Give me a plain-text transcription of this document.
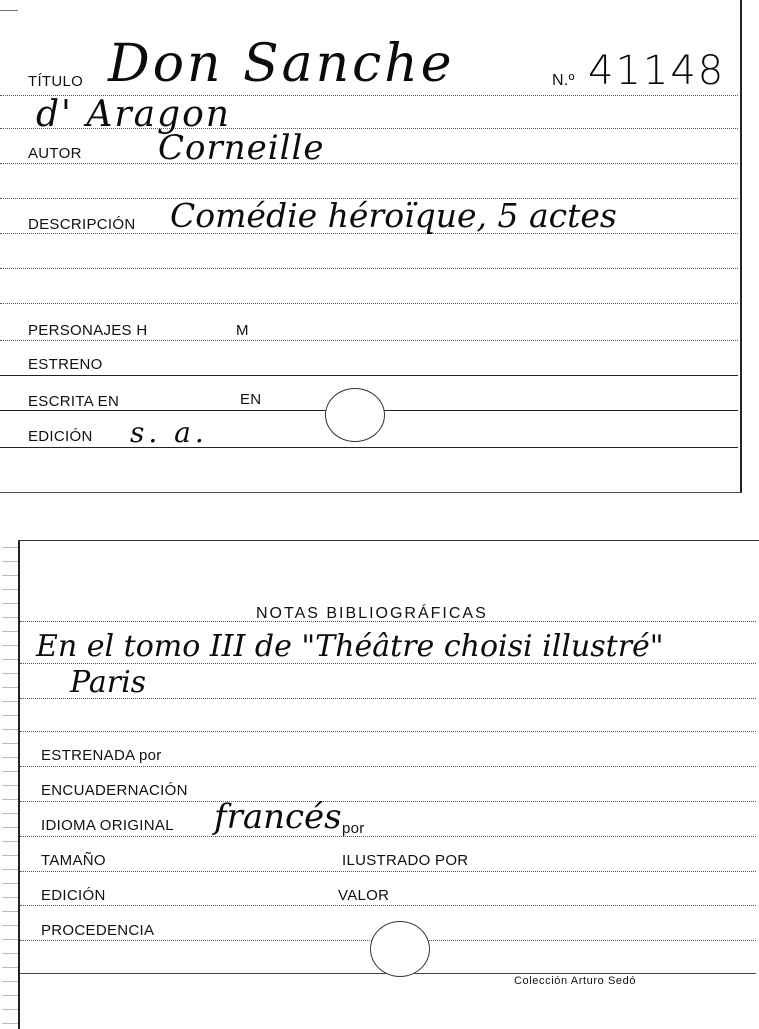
TÍTULO Don Sanche	N.º 41148
d' Aragon
AUTOR Corneille
DESCRIPCIÓN Comédie héroïque, 5 actes
PERSONAJES H	M
ESTRENO
ESCRITA EN	EN
EDICIÓN s. a.
NOTAS BIBLIOGRÁFICAS
En el tomo III de "Théâtre choisi illustré"
Paris
ESTRENADA por
ENCUADERNACIÓN
IDIOMA ORIGINAL francés por
TAMAÑO	ILUSTRADO POR
EDICIÓN	VALOR
PROCEDENCIA
Colección Arturo Sedó
